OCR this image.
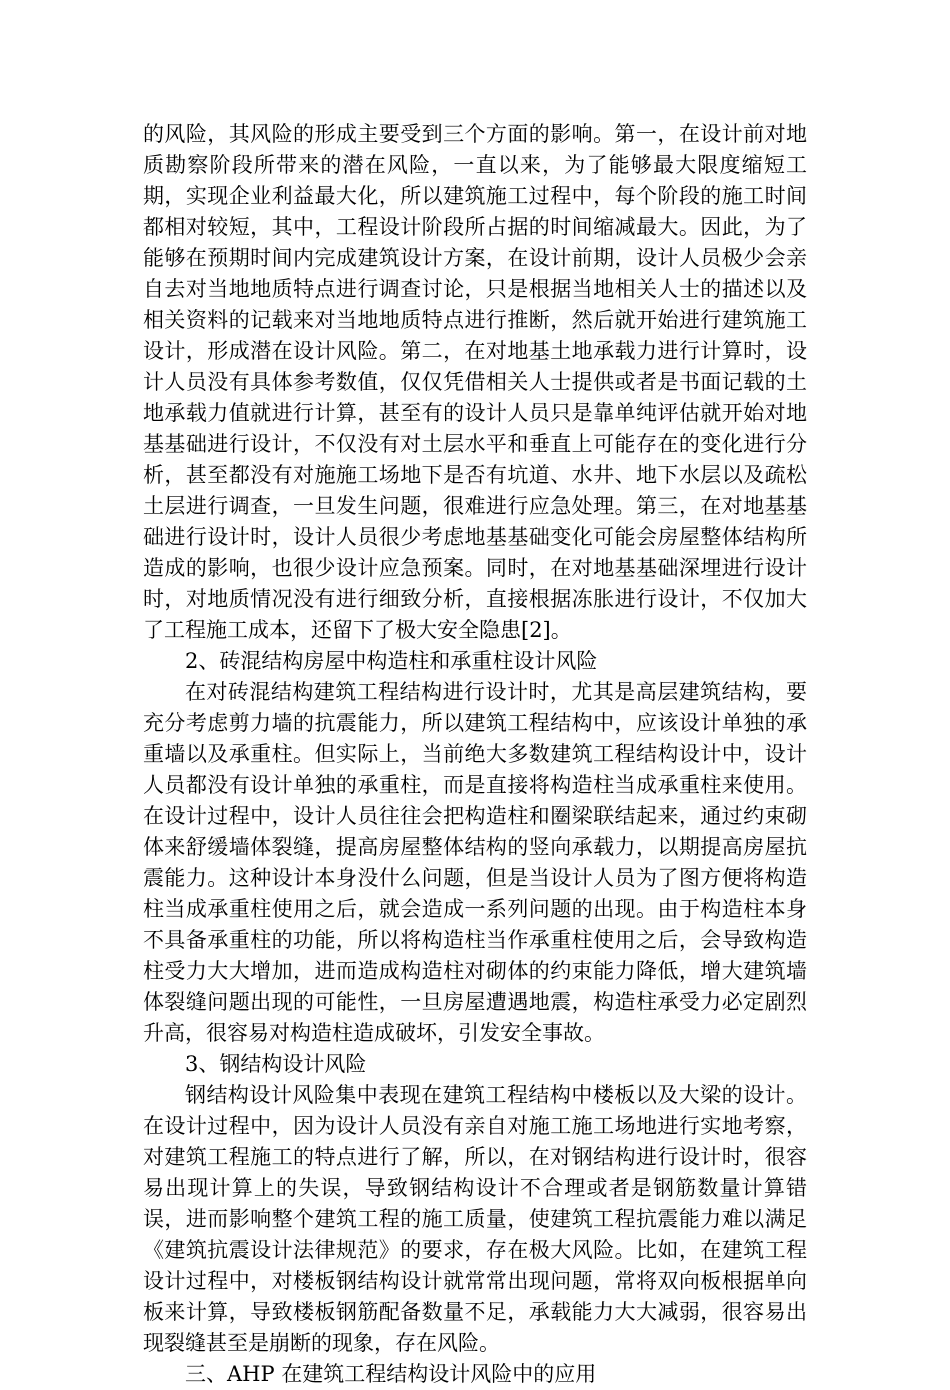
的风险，其风险的形成主要受到三个方面的影响。第一，在设计前对地质勘察阶段所带来的潜在风险，一直以来，为了能够最大限度缩短工期，实现企业利益最大化，所以建筑施工过程中，每个阶段的施工时间都相对较短，其中，工程设计阶段所占据的时间缩减最大。因此，为了能够在预期时间内完成建筑设计方案，在设计前期，设计人员极少会亲自去对当地地质特点进行调查讨论，只是根据当地相关人士的描述以及相关资料的记载来对当地地质特点进行推断，然后就开始进行建筑施工设计，形成潜在设计风险。第二，在对地基土地承载力进行计算时，设计人员没有具体参考数值，仅仅凭借相关人士提供或者是书面记载的土地承载力值就进行计算，甚至有的设计人员只是靠单纯评估就开始对地基基础进行设计，不仅没有对土层水平和垂直上可能存在的变化进行分析，甚至都没有对施施工场地下是否有坑道、水井、地下水层以及疏松土层进行调查，一旦发生问题，很难进行应急处理。第三，在对地基基础进行设计时，设计人员很少考虑地基基础变化可能会房屋整体结构所造成的影响，也很少设计应急预案。同时，在对地基基础深埋进行设计时，对地质情况没有进行细致分析，直接根据冻胀进行设计，不仅加大了工程施工成本，还留下了极大安全隐患[2]。

2、砖混结构房屋中构造柱和承重柱设计风险

在对砖混结构建筑工程结构进行设计时，尤其是高层建筑结构，要充分考虑剪力墙的抗震能力，所以建筑工程结构中，应该设计单独的承重墙以及承重柱。但实际上，当前绝大多数建筑工程结构设计中，设计人员都没有设计单独的承重柱，而是直接将构造柱当成承重柱来使用。在设计过程中，设计人员往往会把构造柱和圈梁联结起来，通过约束砌体来舒缓墙体裂缝，提高房屋整体结构的竖向承载力，以期提高房屋抗震能力。这种设计本身没什么问题，但是当设计人员为了图方便将构造柱当成承重柱使用之后，就会造成一系列问题的出现。由于构造柱本身不具备承重柱的功能，所以将构造柱当作承重柱使用之后，会导致构造柱受力大大增加，进而造成构造柱对砌体的约束能力降低，增大建筑墙体裂缝问题出现的可能性，一旦房屋遭遇地震，构造柱承受力必定剧烈升高，很容易对构造柱造成破坏，引发安全事故。

3、钢结构设计风险

钢结构设计风险集中表现在建筑工程结构中楼板以及大梁的设计。在设计过程中，因为设计人员没有亲自对施工施工场地进行实地考察，对建筑工程施工的特点进行了解，所以，在对钢结构进行设计时，很容易出现计算上的失误，导致钢结构设计不合理或者是钢筋数量计算错误，进而影响整个建筑工程的施工质量，使建筑工程抗震能力难以满足《建筑抗震设计法律规范》的要求，存在极大风险。比如，在建筑工程设计过程中，对楼板钢结构设计就常常出现问题，常将双向板根据单向板来计算，导致楼板钢筋配备数量不足，承载能力大大减弱，很容易出现裂缝甚至是崩断的现象，存在风险。

三、AHP 在建筑工程结构设计风险中的应用
